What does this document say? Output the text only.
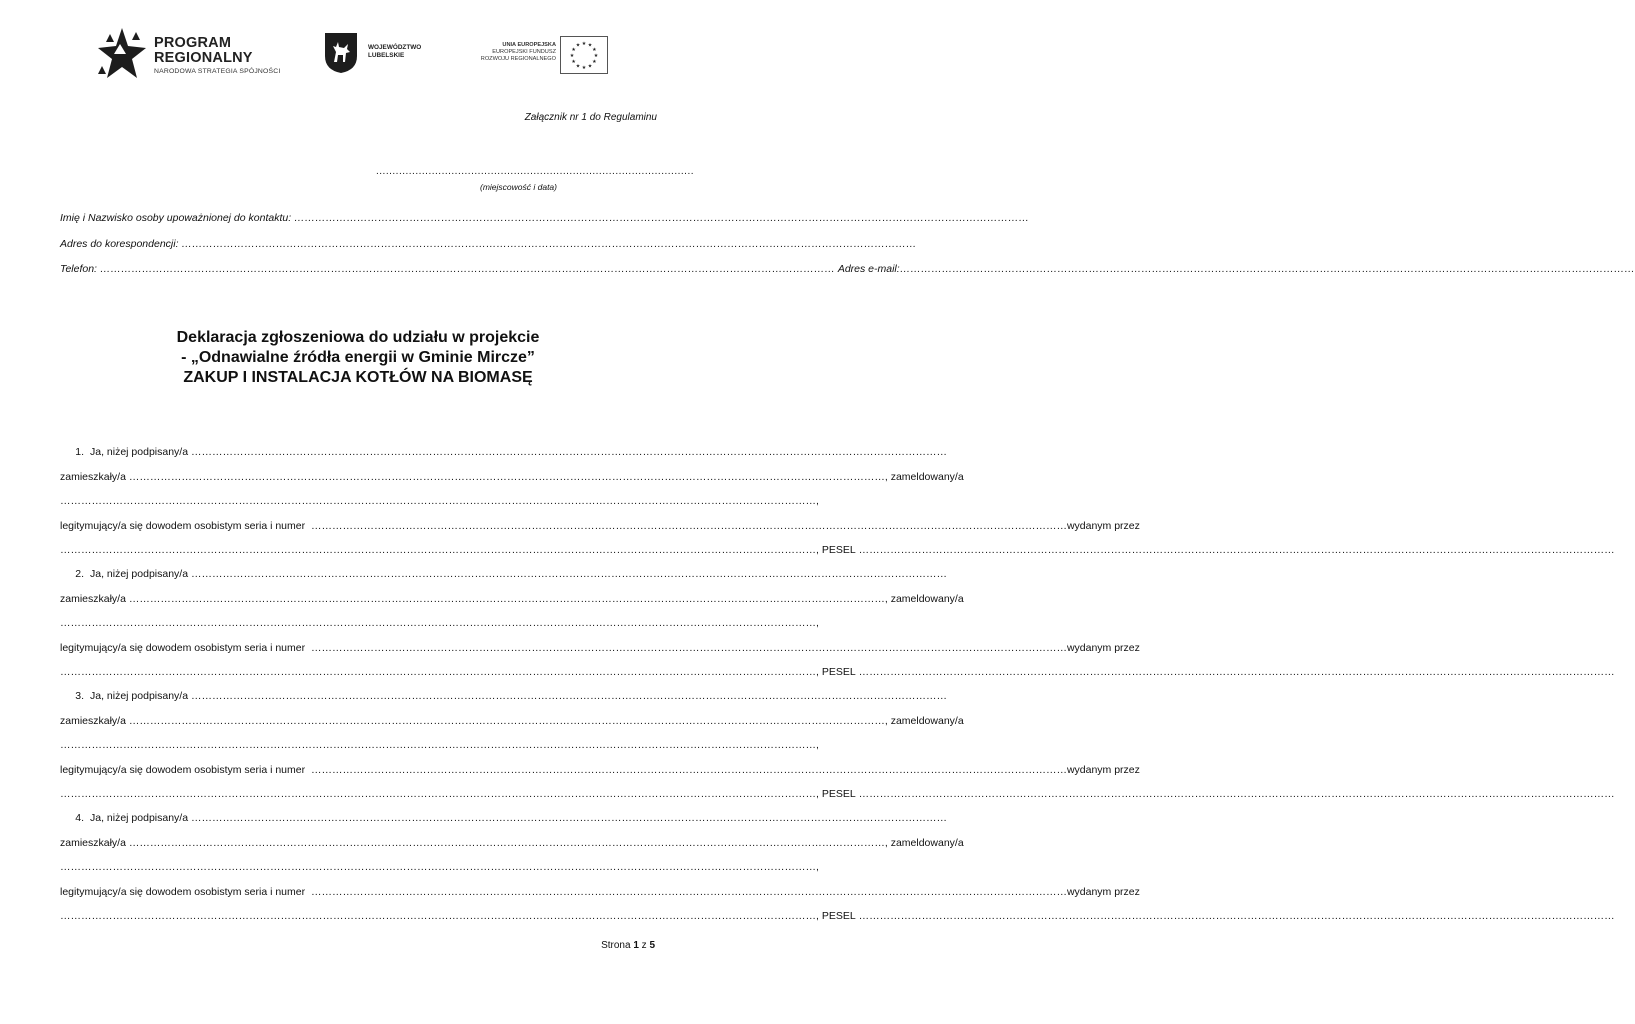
PROGRAM
REGIONALNY
NARODOWA STRATEGIA SPÓJNOŚCI
WOJEWÓDZTWO
LUBELSKIE
UNIA EUROPEJSKA
EUROPEJSKI FUNDUSZ
ROZWOJU REGIONALNEGO
★ ★
★
★
★
★
★
★
★
★
★
★
Załącznik nr 1 do Regulaminu
.................................................................................................
(miejscowość i data)
Imię i Nazwisko osoby upoważnionej do kontaktu:

…………………………………………………………………………………………………………………………………………………………………………………………
Adres do korespondencji:

…………………………………………………………………………………………………………………………………………………………………………………………
Telefon:
…………………………………………………………………………………………………………………………………………………………………………………………
	Adres e-mail:
…………………………………………………………………………………………………………………………………………………………………………………………
Deklaracja zgłoszeniowa do udziału w projekcie
- „Odnawialne źródła energii w Gminie Mircze”
ZAKUP I INSTALACJA KOTŁÓW NA BIOMASĘ
1. Ja, niżej podpisany/a

………………………………………………………………………………………………………………………………………………………………………………………………
zamieszkały/a
………………………………………………………………………………………………………………………………………………………………………………………………	, zameldowany/a
………………………………………………………………………………………………………………………………………………………………………………………………
,
legitymujący/a się dowodem osobistym seria i numer
………………………………………………………………………………………………………………………………………………………………………………………………	wydanym przez
………………………………………………………………………………………………………………………………………………………………………………………………
, PESEL

………………………………………………………………………………………………………………………………………………………………………………………………
2. Ja, niżej podpisany/a

………………………………………………………………………………………………………………………………………………………………………………………………
zamieszkały/a
………………………………………………………………………………………………………………………………………………………………………………………………	, zameldowany/a
………………………………………………………………………………………………………………………………………………………………………………………………
,
legitymujący/a się dowodem osobistym seria i numer
………………………………………………………………………………………………………………………………………………………………………………………………	wydanym przez
………………………………………………………………………………………………………………………………………………………………………………………………
, PESEL

………………………………………………………………………………………………………………………………………………………………………………………………
3. Ja, niżej podpisany/a

………………………………………………………………………………………………………………………………………………………………………………………………
zamieszkały/a
………………………………………………………………………………………………………………………………………………………………………………………………	, zameldowany/a
………………………………………………………………………………………………………………………………………………………………………………………………
,
legitymujący/a się dowodem osobistym seria i numer
………………………………………………………………………………………………………………………………………………………………………………………………	wydanym przez
………………………………………………………………………………………………………………………………………………………………………………………………
, PESEL

………………………………………………………………………………………………………………………………………………………………………………………………
4. Ja, niżej podpisany/a

………………………………………………………………………………………………………………………………………………………………………………………………
zamieszkały/a
………………………………………………………………………………………………………………………………………………………………………………………………	, zameldowany/a
………………………………………………………………………………………………………………………………………………………………………………………………
,
legitymujący/a się dowodem osobistym seria i numer
………………………………………………………………………………………………………………………………………………………………………………………………	wydanym przez
………………………………………………………………………………………………………………………………………………………………………………………………
, PESEL

………………………………………………………………………………………………………………………………………………………………………………………………
Strona 1 z 5
